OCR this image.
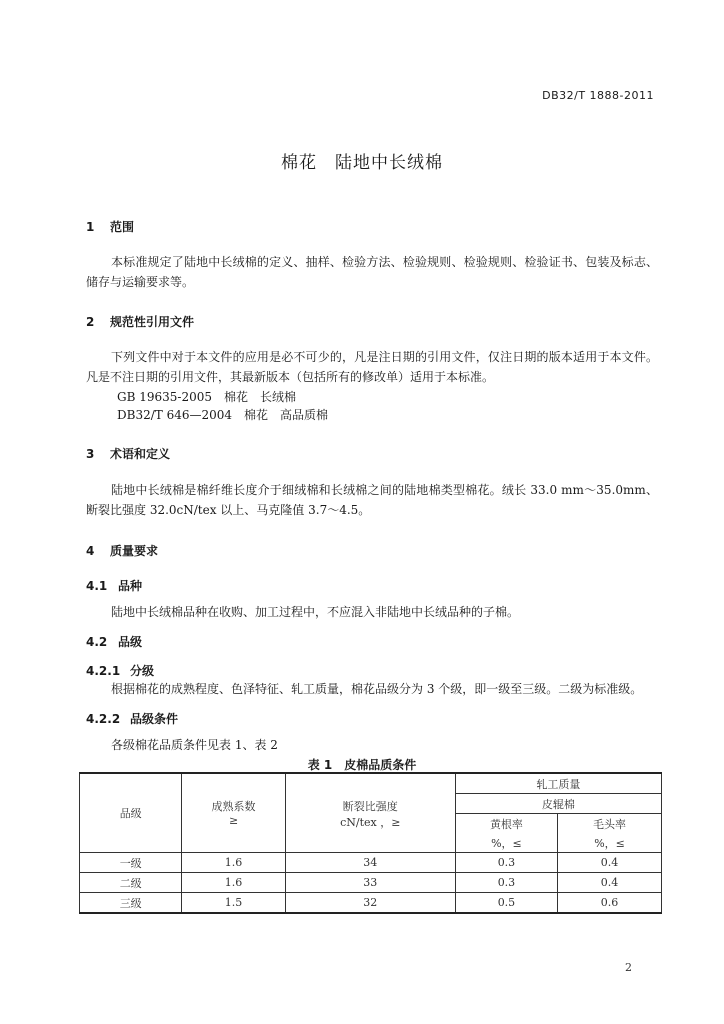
DB32/T 1888-2011
棉花　陆地中长绒棉
1 范围
本标准规定了陆地中长绒棉的定义、抽样、检验方法、检验规则、检验规则、检验证书、包装及标志、储存与运输要求等。
2 规范性引用文件
下列文件中对于本文件的应用是必不可少的，凡是注日期的引用文件，仅注日期的版本适用于本文件。凡是不注日期的引用文件，其最新版本（包括所有的修改单）适用于本标准。
GB 19635-2005　棉花　长绒棉
DB32/T 646—2004　棉花　高品质棉
3 术语和定义
陆地中长绒棉是棉纤维长度介于细绒棉和长绒棉之间的陆地棉类型棉花。绒长 33.0 mm～35.0mm、断裂比强度 32.0cN/tex 以上、马克隆值 3.7～4.5。
4 质量要求
4.1 品种
陆地中长绒棉品种在收购、加工过程中，不应混入非陆地中长绒品种的子棉。
4.2 品级
4.2.1 分级
根据棉花的成熟程度、色泽特征、轧工质量，棉花品级分为 3 个级，即一级至三级。二级为标准级。
4.2.2 品级条件
各级棉花品质条件见表 1、表 2
表 1　皮棉品质条件
品级	成熟系数	断裂比强度	轧工质量	
			皮辊棉	
	≥	cN/tex ，≥	黄根率	毛头率
			%，≤	%，≤
一级	1.6	34	0.3	0.4
二级	1.6	33	0.3	0.4
三级	1.5	32	0.5	0.6
2
